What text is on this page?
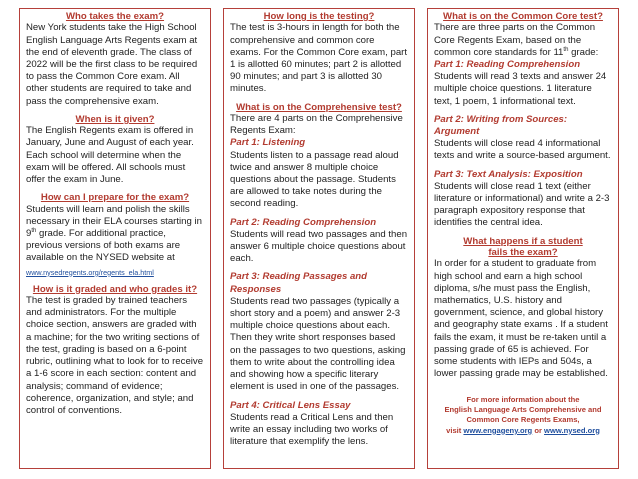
Who takes the exam?

New York students take the High School English Language Arts Regents exam at the end of eleventh grade. The class of 2022 will be the first class to be required to pass the Common Core exam. All other students are required to take and pass the comprehensive exam.

When is it given?

The English Regents exam is offered in January, June and August of each year. Each school will determine when the exam will be offered. All schools must offer the exam in June.

How can I prepare for the exam?

Students will learn and polish the skills necessary in their ELA courses starting in 9th grade. For additional practice, previous versions of both exams are available on the NYSED website at

www.nysedregents.org/regents_ela.html

How is it graded and who grades it?

The test is graded by trained teachers and administrators. For the multiple choice section, answers are graded with a machine; for the two writing sections of the test, grading is based on a 6-point rubric, outlining what to look for to receive a 1-6 score in each section: content and analysis; command of evidence; coherence, organization, and style; and control of conventions.

How long is the testing?

The test is 3-hours in length for both the comprehensive and common core exams. For the Common Core exam, part 1 is allotted 60 minutes; part 2 is allotted 90 minutes; and part 3 is allotted 30 minutes.

What is on the Comprehensive test?

There are 4 parts on the Comprehensive Regents Exam:

Part 1: Listening

Students listen to a passage read aloud twice and answer 8 multiple choice questions about the passage. Students are allowed to take notes during the second reading.

Part 2: Reading Comprehension

Students will read two passages and then answer 6 multiple choice questions about each.

Part 3: Reading Passages and Responses

Students read two passages (typically a short story and a poem) and answer 2-3 multiple choice questions about each. Then they write short responses based on the passages to two questions, asking them to write about the controlling idea and showing how a specific literary element is used in one of the passages.

Part 4: Critical Lens Essay

Students read a Critical Lens and then write an essay including two works of literature that exemplify the lens.

What is on the Common Core test?

There are three parts on the Common Core Regents Exam, based on the common core standards for 11th grade:

Part 1: Reading Comprehension

Students will read 3 texts and answer 24 multiple choice questions. 1 literature text, 1 poem, 1 informational text.

Part 2: Writing from Sources: Argument

Students will close read 4 informational texts and write a source-based argument.

Part 3: Text Analysis: Exposition

Students will close read 1 text (either literature or informational) and write a 2-3 paragraph expository response that identifies the central idea.

What happens if a student
fails the exam?

In order for a student to graduate from high school and earn a high school diploma, s/he must pass the English, mathematics, U.S. history and government, science, and global history and geography state exams . If a student fails the exam, it must be re-taken until a passing grade of 65 is achieved. For some students with IEPs and 504s, a lower passing grade may be established.

For more information about the
English Language Arts Comprehensive and
Common Core Regents Exams,
visit www.engageny.org or www.nysed.org
